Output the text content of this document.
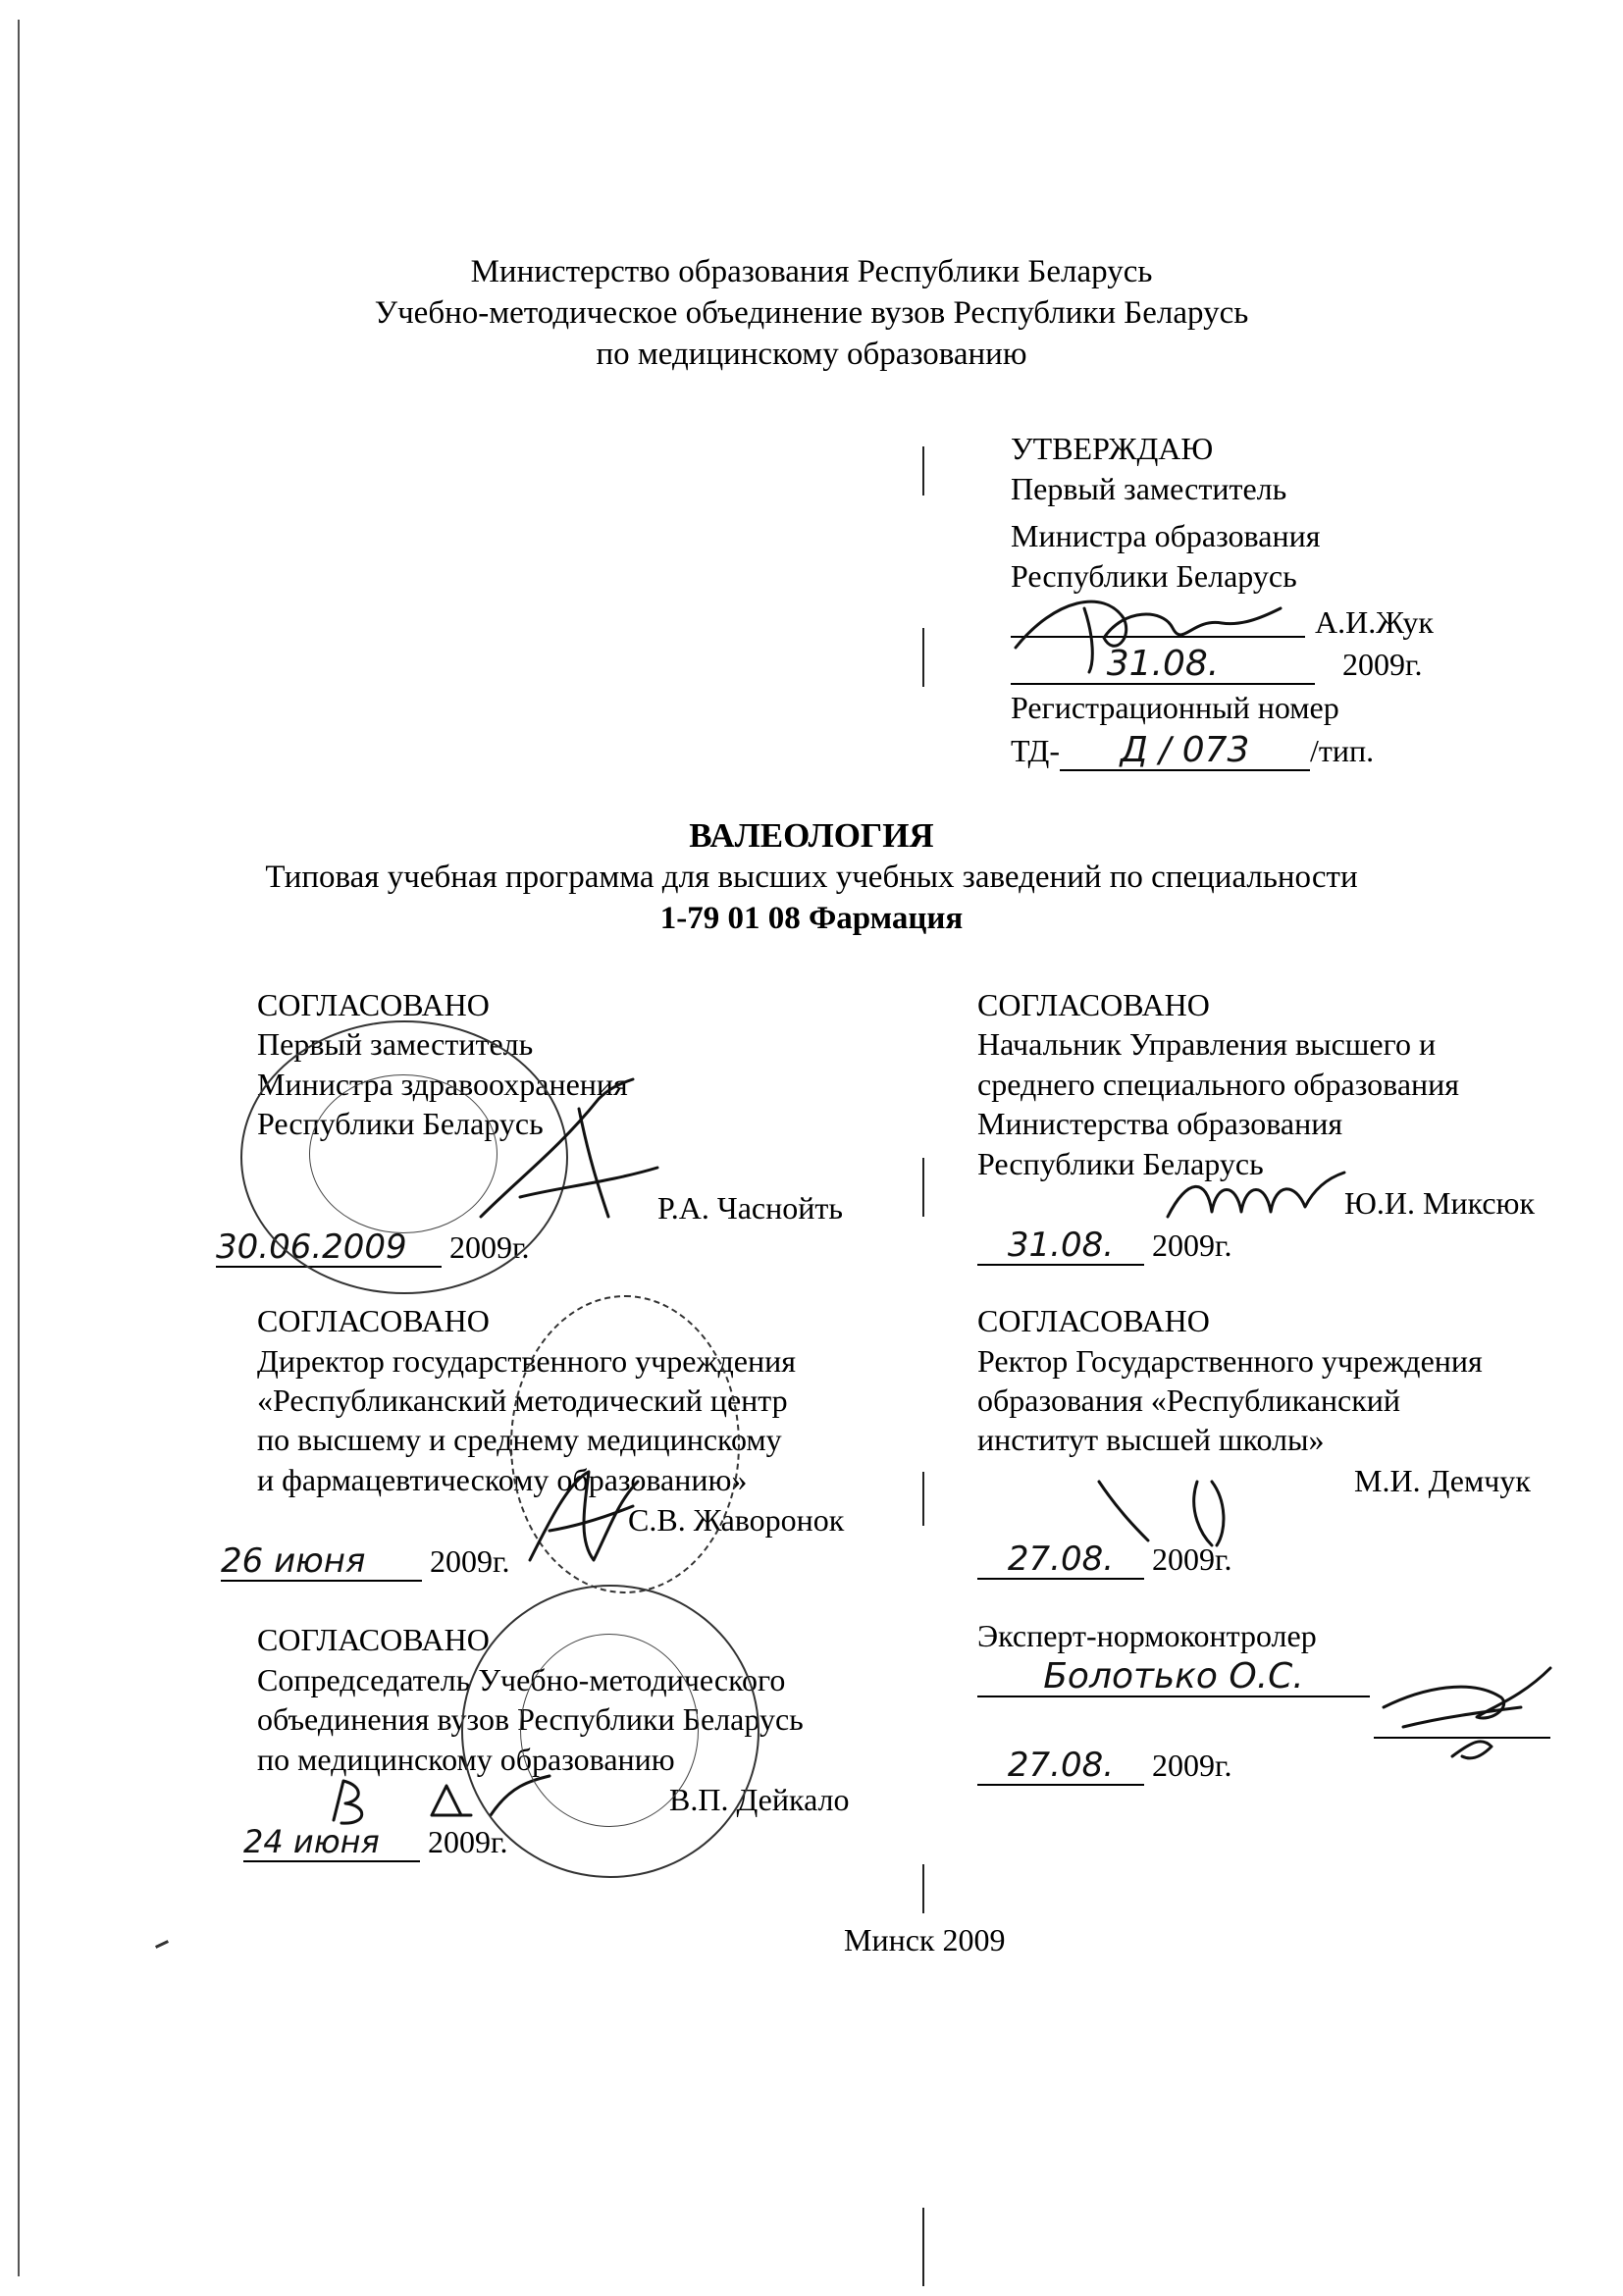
Министерство образования Республики Беларусь
Учебно-методическое объединение вузов Республики Беларусь
по медицинскому образованию
УТВЕРЖДАЮ
Первый заместитель
Министра образования
Республики Беларусь
А.И.Жук
31.08.	2009г.
Регистрационный номер
ТД- Д / 073 /тип.
ВАЛЕОЛОГИЯ
Типовая учебная программа для высших учебных заведений по специальности
1-79 01 08 Фармация
СОГЛАСОВАНО
Первый заместитель
Министра здравоохранения
Республики Беларусь
Р.А. Часнойть
30.06.2009 2009г.
СОГЛАСОВАНО
Начальник Управления высшего и
среднего специального образования
Министерства образования
Республики Беларусь
Ю.И. Миксюк
31.08. 2009г.
СОГЛАСОВАНО
Директор государственного учреждения
«Республиканский методический центр
по высшему и среднему медицинскому
и фармацевтическому образованию»
С.В. Жаворонок
26 июня 2009г.
СОГЛАСОВАНО
Ректор Государственного учреждения
образования «Республиканский
институт высшей школы»
М.И. Демчук
27.08. 2009г.
СОГЛАСОВАНО
Сопредседатель Учебно-методического
объединения вузов Республики Беларусь
по медицинскому образованию
В.П. Дейкало
24 июня 2009г.
Эксперт-нормоконтролер
Болотько О.С.
27.08. 2009г.
Минск 2009
